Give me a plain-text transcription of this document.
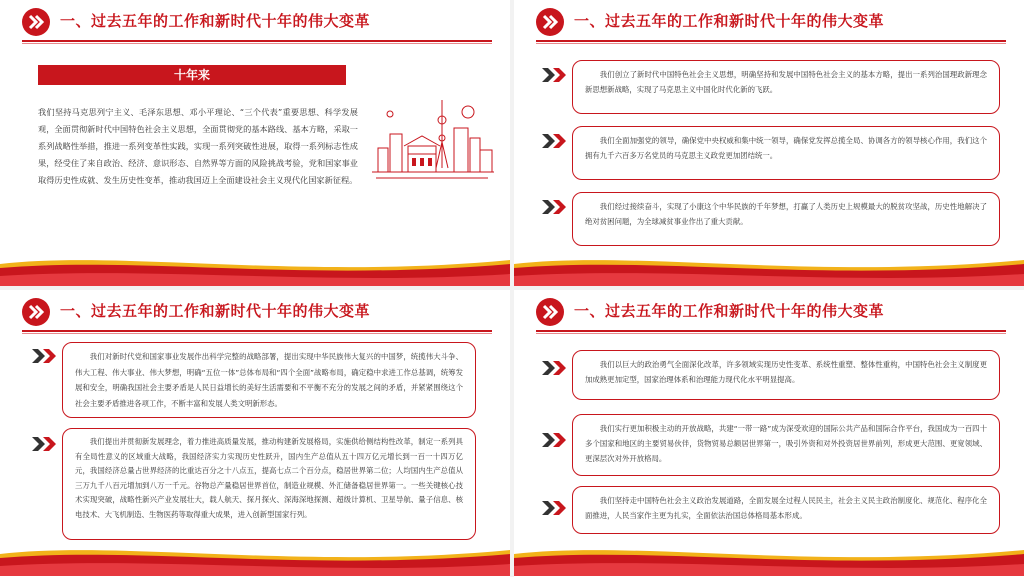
一、过去五年的工作和新时代十年的伟大变革
十年来
我们坚持马克思列宁主义、毛泽东思想、邓小平理论、“三个代表”重要思想、科学发展观，全面贯彻新时代中国特色社会主义思想，全面贯彻党的基本路线、基本方略，采取一系列战略性举措，推进一系列变革性实践，实现一系列突破性进展，取得一系列标志性成果，经受住了来自政治、经济、意识形态、自然界等方面的风险挑战考验，党和国家事业取得历史性成就、发生历史性变革，推动我国迈上全面建设社会主义现代化国家新征程。
一、过去五年的工作和新时代十年的伟大变革
我们创立了新时代中国特色社会主义思想，明确坚持和发展中国特色社会主义的基本方略，提出一系列治国理政新理念新思想新战略，实现了马克思主义中国化时代化新的飞跃。
我们全面加强党的领导，确保党中央权威和集中统一领导，确保党发挥总揽全局、协调各方的领导核心作用，我们这个拥有九千六百多万名党员的马克思主义政党更加团结统一。
我们经过接续奋斗，实现了小康这个中华民族的千年梦想，打赢了人类历史上规模最大的脱贫攻坚战，历史性地解决了绝对贫困问题，为全球减贫事业作出了重大贡献。
一、过去五年的工作和新时代十年的伟大变革
我们对新时代党和国家事业发展作出科学完整的战略部署，提出实现中华民族伟大复兴的中国梦，统揽伟大斗争、伟大工程、伟大事业、伟大梦想，明确“五位一体”总体布局和“四个全面”战略布局，确定稳中求进工作总基调，统筹发展和安全，明确我国社会主要矛盾是人民日益增长的美好生活需要和不平衡不充分的发展之间的矛盾，并紧紧围绕这个社会主要矛盾推进各项工作，不断丰富和发展人类文明新形态。
我们提出并贯彻新发展理念，着力推进高质量发展，推动构建新发展格局，实施供给侧结构性改革，制定一系列具有全局性意义的区域重大战略，我国经济实力实现历史性跃升，国内生产总值从五十四万亿元增长到一百一十四万亿元，我国经济总量占世界经济的比重达百分之十八点五，提高七点二个百分点，稳居世界第二位；人均国内生产总值从三万九千八百元增加到八万一千元。谷物总产量稳居世界首位，制造业规模、外汇储备稳居世界第一。一些关键核心技术实现突破，战略性新兴产业发展壮大，载人航天、探月探火、深海深地探测、超级计算机、卫星导航、量子信息、核电技术、大飞机制造、生物医药等取得重大成果，进入创新型国家行列。
一、过去五年的工作和新时代十年的伟大变革
我们以巨大的政治勇气全面深化改革，许多领域实现历史性变革、系统性重塑、整体性重构，中国特色社会主义制度更加成熟更加定型，国家治理体系和治理能力现代化水平明显提高。
我们实行更加积极主动的开放战略，共建“一带一路”成为深受欢迎的国际公共产品和国际合作平台，我国成为一百四十多个国家和地区的主要贸易伙伴，货物贸易总额居世界第一，吸引外资和对外投资居世界前列，形成更大范围、更宽领域、更深层次对外开放格局。
我们坚持走中国特色社会主义政治发展道路，全面发展全过程人民民主，社会主义民主政治制度化、规范化、程序化全面推进，人民当家作主更为扎实，全面依法治国总体格局基本形成。
